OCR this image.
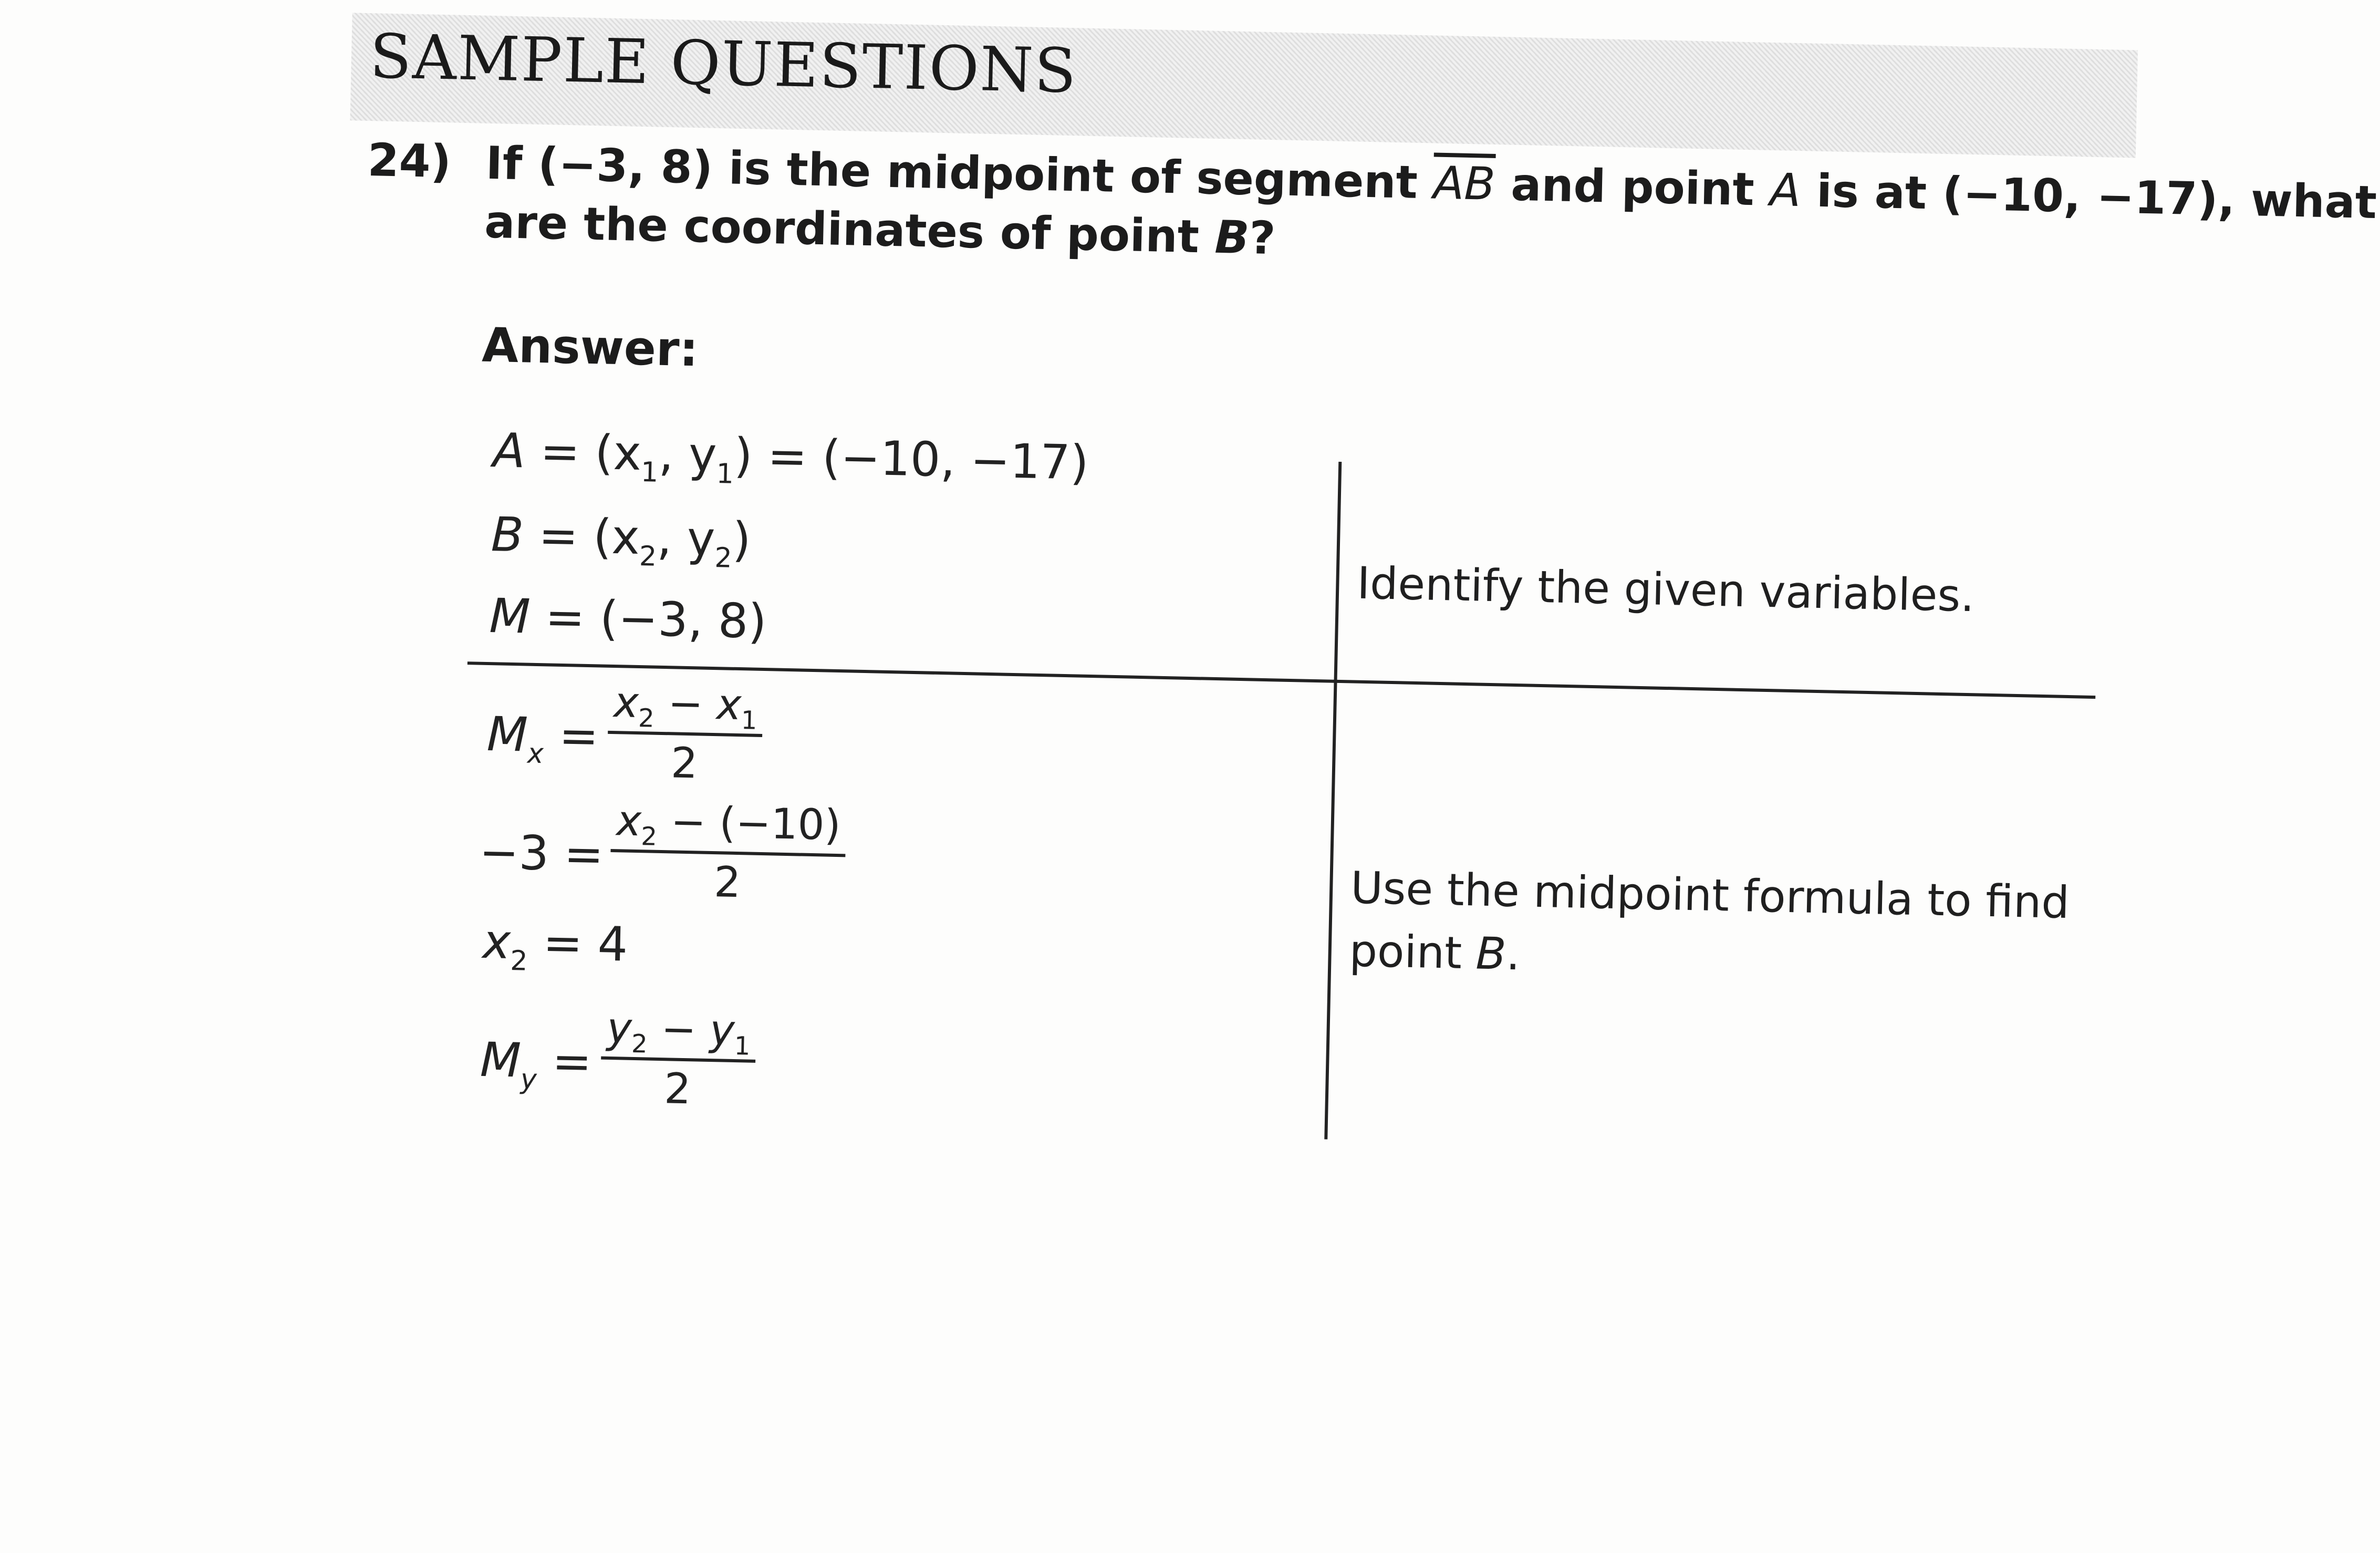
SAMPLE QUESTIONS
24) If (−3, 8) is the midpoint of segment $\overline{AB}$ and point A is at (−10, −17), what
are the coordinates of point B?
Answer:
$A = (x_1$, $y_1) = (-10$, −17)
$B = (x_2$, $y_2$)
M = (−3, 8)	Identify the given variables.
$M_x = \frac{x_2 - x_1}{2}$
$-3 = \frac{x_2 - (-10)}{2}$
$x_2 = 4$
$M_y = \frac{y_2 - y_1}{2}$
Use the midpoint formula to find
point B.
